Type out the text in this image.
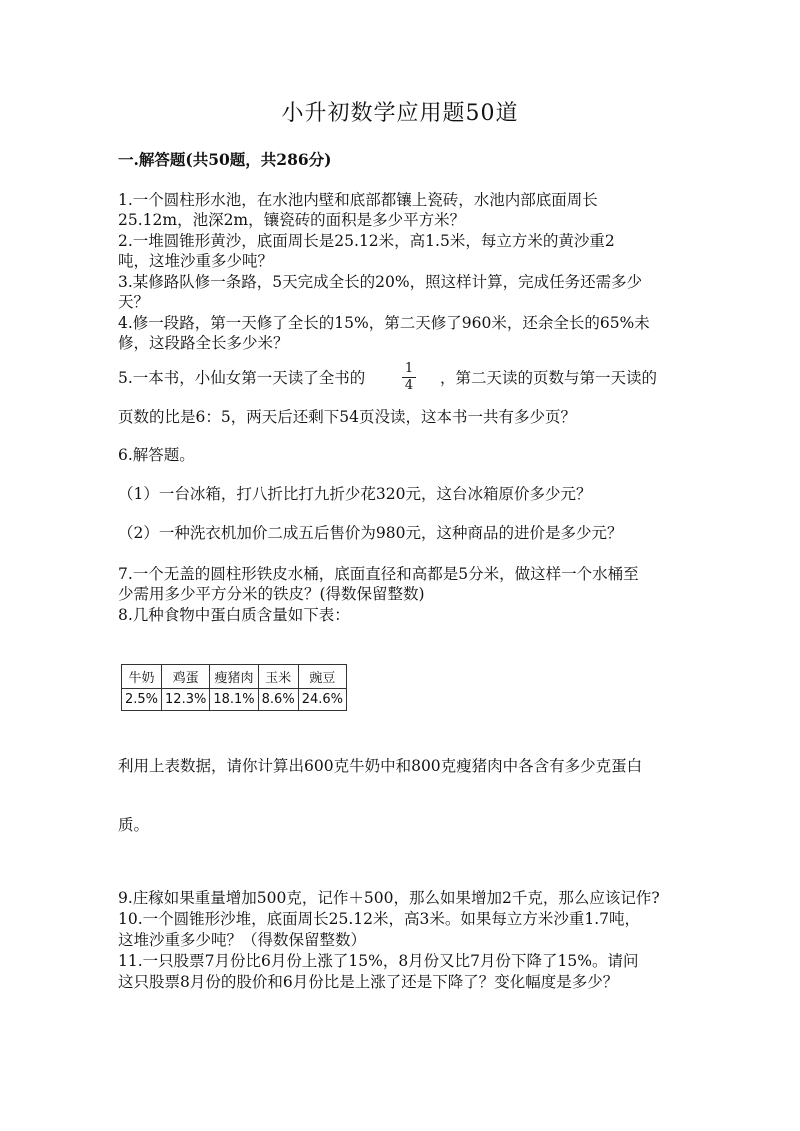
小升初数学应用题50道
一.解答题(共50题，共286分)
1.一个圆柱形水池，在水池内壁和底部都镶上瓷砖，水池内部底面周长
25.12m，池深2m，镶瓷砖的面积是多少平方米？
2.一堆圆锥形黄沙，底面周长是25.12米，高1.5米，每立方米的黄沙重2
吨，这堆沙重多少吨？
3.某修路队修一条路，5天完成全长的20%，照这样计算，完成任务还需多少
天？
4.修一段路，第一天修了全长的15%，第二天修了960米，还余全长的65%未
修，这段路全长多少米？
5.一本书，小仙女第一天读了全书的
1
4 ，第二天读的页数与第一天读的
页数的比是6：5，两天后还剩下54页没读，这本书一共有多少页？
6.解答题。
（1）一台冰箱，打八折比打九折少花320元，这台冰箱原价多少元？
（2）一种洗衣机加价二成五后售价为980元，这种商品的进价是多少元？
7.一个无盖的圆柱形铁皮水桶，底面直径和高都是5分米，做这样一个水桶至
少需用多少平方分米的铁皮？(得数保留整数)
8.几种食物中蛋白质含量如下表：
牛奶	鸡蛋	瘦猪肉	玉米	豌豆
2.5%	12.3%	18.1%	8.6%	24.6%
利用上表数据，请你计算出600克牛奶中和800克瘦猪肉中各含有多少克蛋白
质。
9.庄稼如果重量增加500克，记作＋500，那么如果增加2千克，那么应该记作?
10.一个圆锥形沙堆，底面周长25.12米，高3米。如果每立方米沙重1.7吨，
这堆沙重多少吨？（得数保留整数）
11.一只股票7月份比6月份上涨了15%，8月份又比7月份下降了15%。请问
这只股票8月份的股价和6月份比是上涨了还是下降了？变化幅度是多少？
